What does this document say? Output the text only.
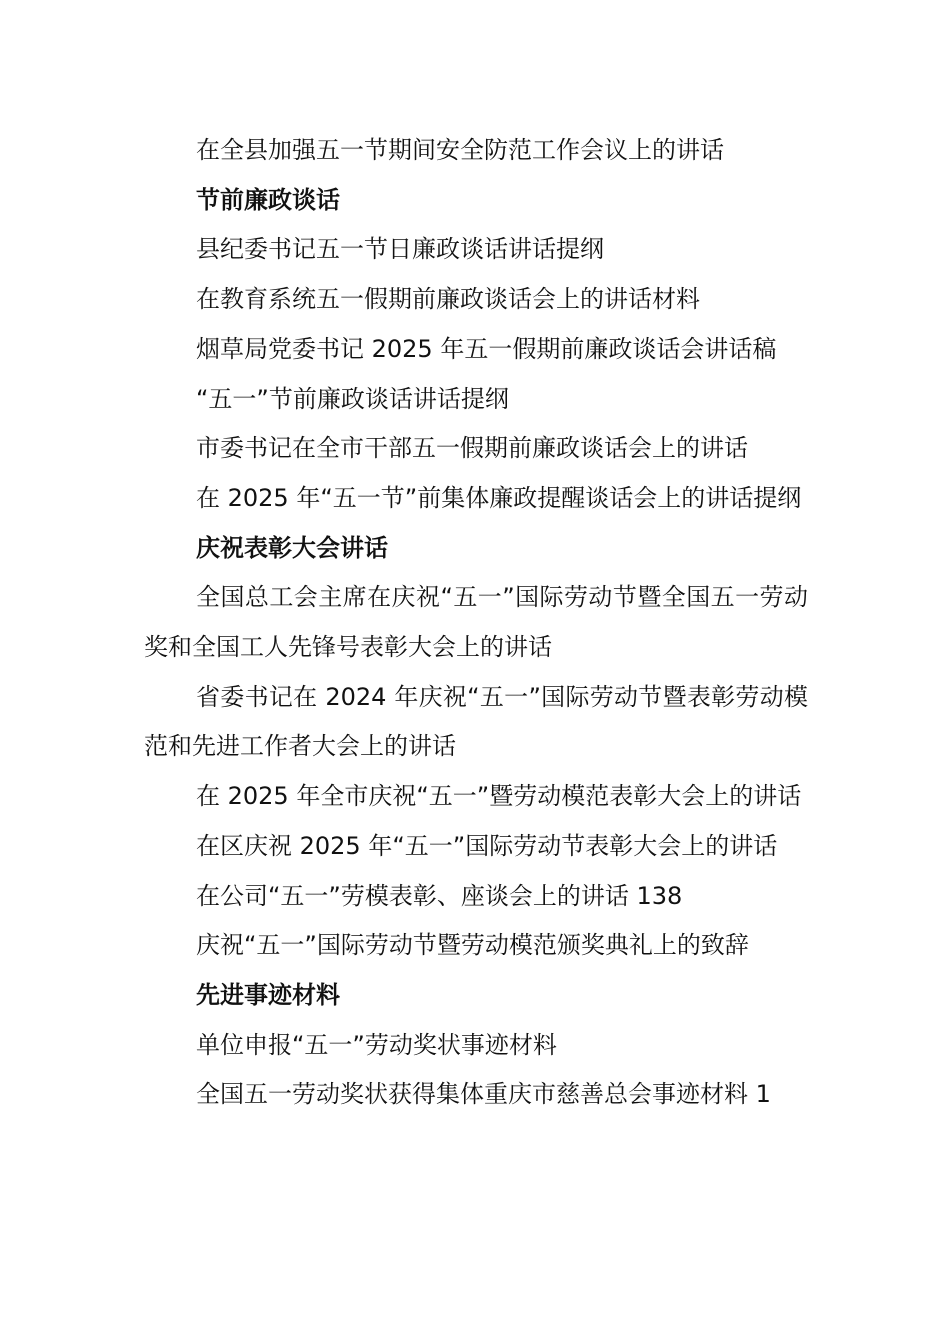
在全县加强五一节期间安全防范工作会议上的讲话

节前廉政谈话

县纪委书记五一节日廉政谈话讲话提纲

在教育系统五一假期前廉政谈话会上的讲话材料

烟草局党委书记 2025 年五一假期前廉政谈话会讲话稿

“五一”节前廉政谈话讲话提纲

市委书记在全市干部五一假期前廉政谈话会上的讲话

在 2025 年“五一节”前集体廉政提醒谈话会上的讲话提纲

庆祝表彰大会讲话

全国总工会主席在庆祝“五一”国际劳动节暨全国五一劳动奖和全国工人先锋号表彰大会上的讲话

省委书记在 2024 年庆祝“五一”国际劳动节暨表彰劳动模范和先进工作者大会上的讲话

在 2025 年全市庆祝“五一”暨劳动模范表彰大会上的讲话

在区庆祝 2025 年“五一”国际劳动节表彰大会上的讲话

在公司“五一”劳模表彰、座谈会上的讲话 138

庆祝“五一”国际劳动节暨劳动模范颁奖典礼上的致辞

先进事迹材料

单位申报“五一”劳动奖状事迹材料

全国五一劳动奖状获得集体重庆市慈善总会事迹材料 1
